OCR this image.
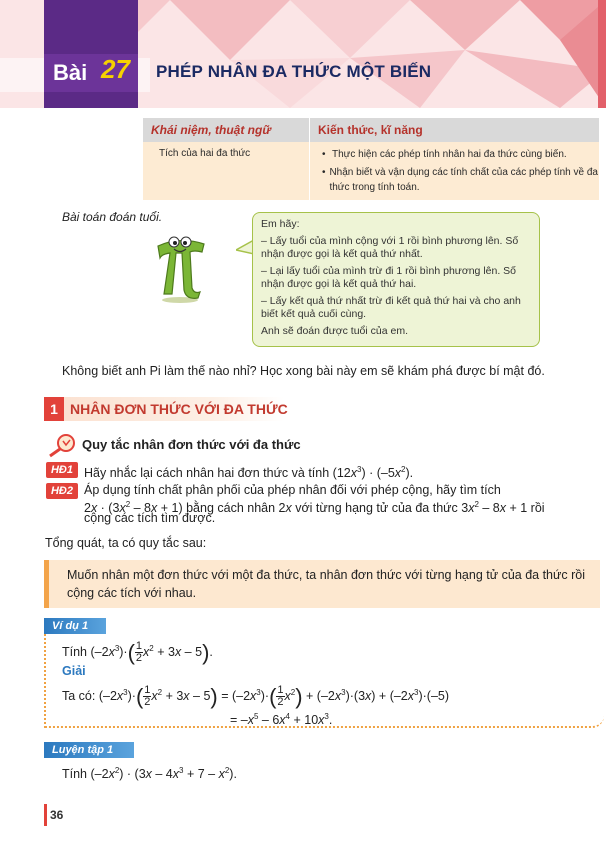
Bài 27 PHÉP NHÂN ĐA THỨC MỘT BIẾN
Khái niệm, thuật ngữ	Kiến thức, kĩ năng
Tích của hai đa thức	• Thực hiện các phép tính nhân hai đa thức cùng biến.
• Nhận biết và vận dụng các tính chất của các phép tính về đa thức trong tính toán.
Bài toán đoán tuổi.	Em hãy:

– Lấy tuổi của mình cộng với 1 rồi bình phương lên. Số nhận được gọi là kết quả thứ nhất.

– Lại lấy tuổi của mình trừ đi 1 rồi bình phương lên. Số nhận được gọi là kết quả thứ hai.

– Lấy kết quả thứ nhất trừ đi kết quả thứ hai và cho anh biết kết quả cuối cùng.

Anh sẽ đoán được tuổi của em.

Không biết anh Pi làm thế nào nhỉ? Học xong bài này em sẽ khám phá được bí mật đó.
1 NHÂN ĐƠN THỨC VỚI ĐA THỨC
Quy tắc nhân đơn thức với đa thức
HĐ1 Hãy nhắc lại cách nhân hai đơn thức và tính $(12x^3) \cdot (-5x^2)$.
HĐ2 Áp dụng tính chất phân phối của phép nhân đối với phép cộng, hãy tìm tích
$2x \cdot (3x^2 - 8x + 1)$ bằng cách nhân 2x với từng hạng tử của đa thức $3x^2 - 8x + 1$ rồi
cộng các tích tìm được.
Tổng quát, ta có quy tắc sau:
Muốn nhân một đơn thức với một đa thức, ta nhân đơn thức với từng hạng tử của đa thức rồi cộng các tích với nhau.
Ví dụ 1
Tính $(-2x^3)\cdot(1$
$2x^2 + 3x - 5$).
Giải
Ta có: $(-2x^3)\cdot(1$
$2x^2 + 3x - 5) = (-2x^3)\cdot(1$
$2x^2) + (-2x^3)\cdot(3x) + (-2x^3)\cdot(-5)$
= $-x^5 - 6x^4 + 10x^3$.
Luyện tập 1
Tính $(-2x^2) \cdot (3x - 4x^3 + 7 - x^2)$.
36
